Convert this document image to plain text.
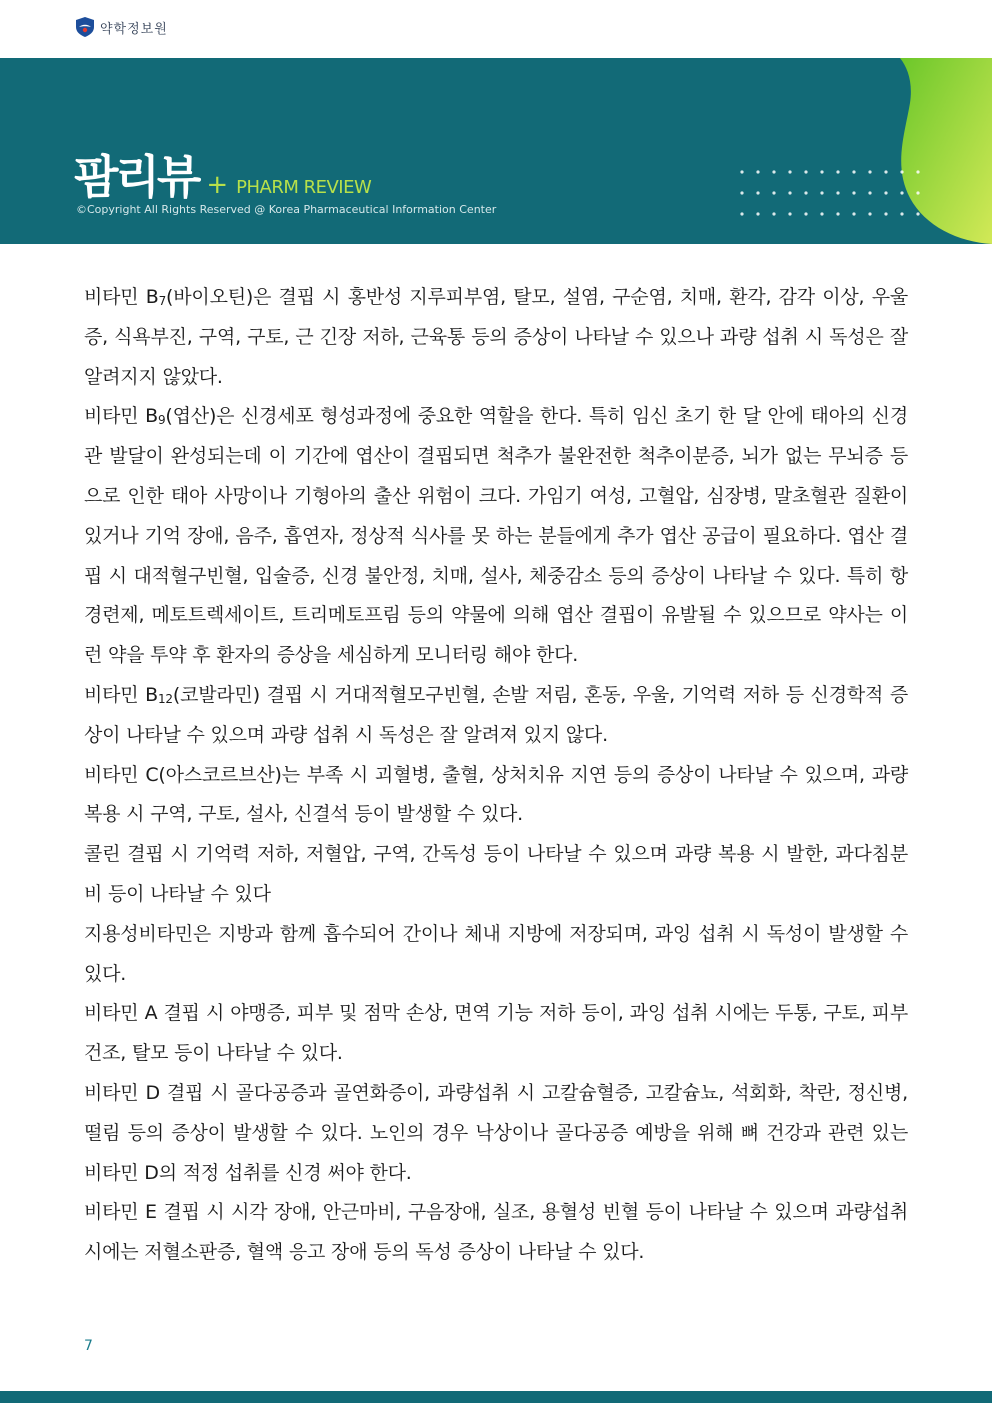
약학정보원
팜리뷰 + PHARM REVIEW
©Copyright All Rights Reserved @ Korea Pharmaceutical Information Center

비타민 $B_7$(바이오틴)은 결핍 시 홍반성 지루피부염, 탈모, 설염, 구순염, 치매, 환각, 감각 이상, 우울증, 식욕부진, 구역, 구토, 근 긴장 저하, 근육통 등의 증상이 나타날 수 있으나 과량 섭취 시 독성은 잘 알려지지 않았다.

비타민 $B_9$(엽산)은 신경세포 형성과정에 중요한 역할을 한다. 특히 임신 초기 한 달 안에 태아의 신경관 발달이 완성되는데 이 기간에 엽산이 결핍되면 척추가 불완전한 척추이분증, 뇌가 없는 무뇌증 등으로 인한 태아 사망이나 기형아의 출산 위험이 크다. 가임기 여성, 고혈압, 심장병, 말초혈관 질환이 있거나 기억 장애, 음주, 흡연자, 정상적 식사를 못 하는 분들에게 추가 엽산 공급이 필요하다. 엽산 결핍 시 대적혈구빈혈, 입술증, 신경 불안정, 치매, 설사, 체중감소 등의 증상이 나타날 수 있다. 특히 항경련제, 메토트렉세이트, 트리메토프림 등의 약물에 의해 엽산 결핍이 유발될 수 있으므로 약사는 이런 약을 투약 후 환자의 증상을 세심하게 모니터링 해야 한다.

비타민 $B_{12}$(코발라민) 결핍 시 거대적혈모구빈혈, 손발 저림, 혼동, 우울, 기억력 저하 등 신경학적 증상이 나타날 수 있으며 과량 섭취 시 독성은 잘 알려져 있지 않다.

비타민 C(아스코르브산)는 부족 시 괴혈병, 출혈, 상처치유 지연 등의 증상이 나타날 수 있으며, 과량 복용 시 구역, 구토, 설사, 신결석 등이 발생할 수 있다.

콜린 결핍 시 기억력 저하, 저혈압, 구역, 간독성 등이 나타날 수 있으며 과량 복용 시 발한, 과다침분비 등이 나타날 수 있다

지용성비타민은 지방과 함께 흡수되어 간이나 체내 지방에 저장되며, 과잉 섭취 시 독성이 발생할 수 있다.

비타민 A 결핍 시 야맹증, 피부 및 점막 손상, 면역 기능 저하 등이, 과잉 섭취 시에는 두통, 구토, 피부 건조, 탈모 등이 나타날 수 있다.

비타민 D 결핍 시 골다공증과 골연화증이, 과량섭취 시 고칼슘혈증, 고칼슘뇨, 석회화, 착란, 정신병, 떨림 등의 증상이 발생할 수 있다. 노인의 경우 낙상이나 골다공증 예방을 위해 뼈 건강과 관련 있는 비타민 D의 적정 섭취를 신경 써야 한다.

비타민 E 결핍 시 시각 장애, 안근마비, 구음장애, 실조, 용혈성 빈혈 등이 나타날 수 있으며 과량섭취 시에는 저혈소판증, 혈액 응고 장애 등의 독성 증상이 나타날 수 있다.

7
